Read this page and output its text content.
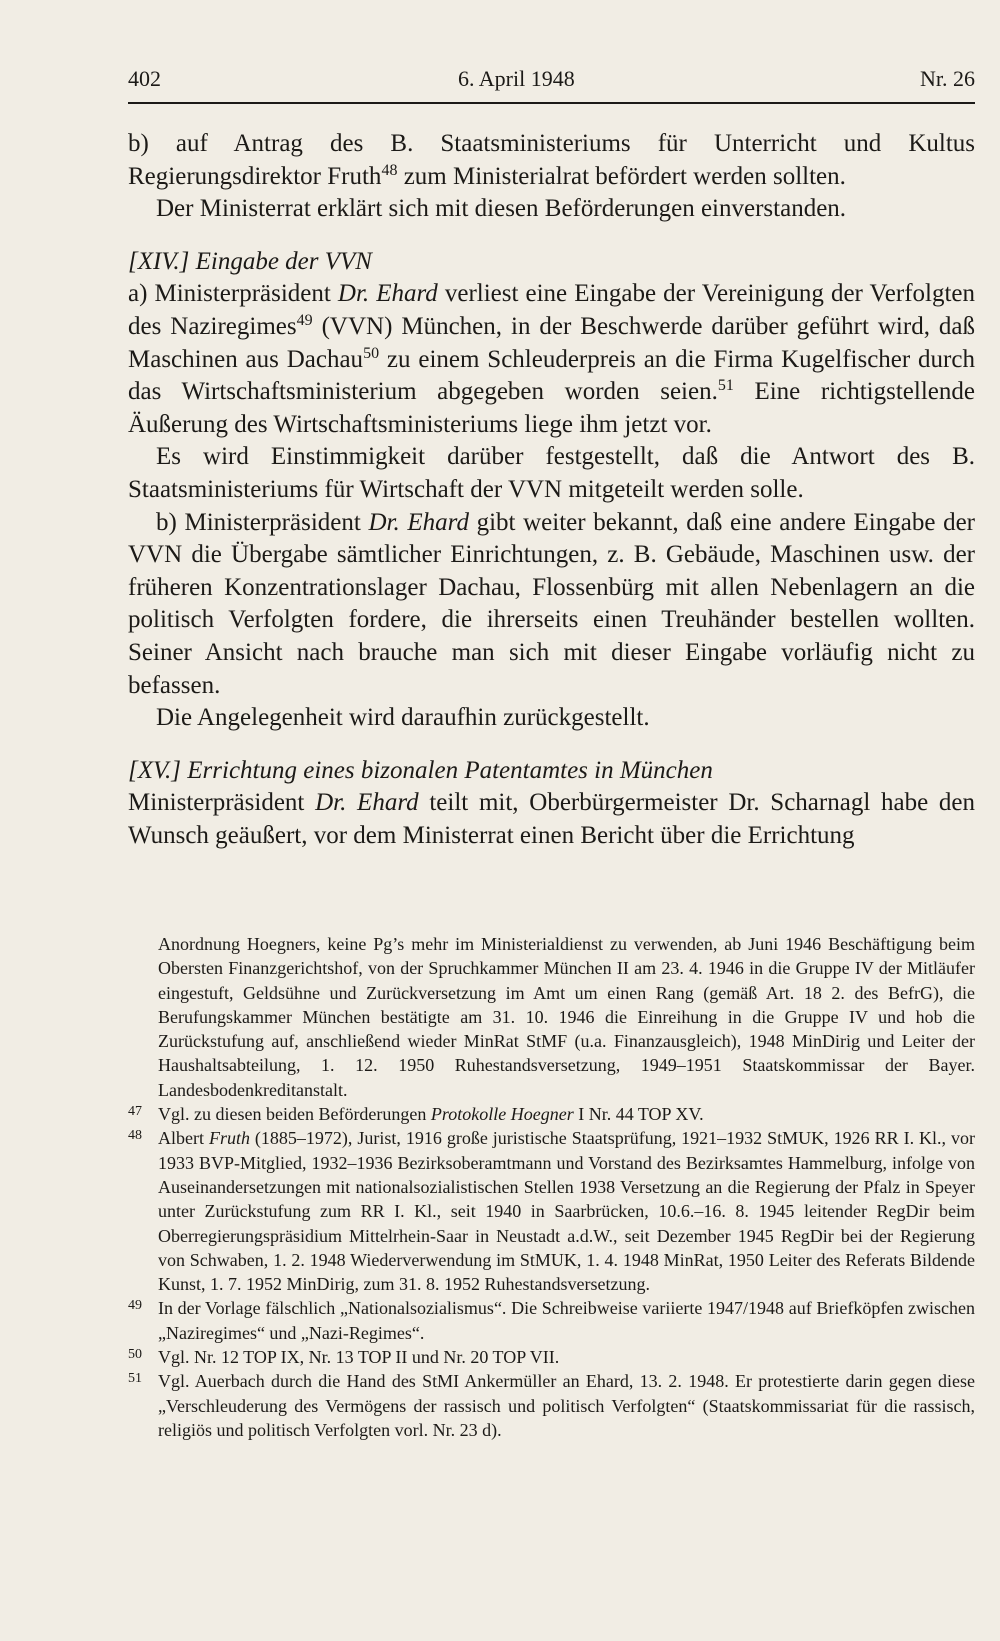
402	6. April 1948	Nr. 26

b) auf Antrag des B. Staatsministeriums für Unterricht und Kultus Regierungsdirektor Fruth$^{48}$ zum Ministerialrat befördert werden sollten.

Der Ministerrat erklärt sich mit diesen Beförderungen einverstanden.

[XIV.] Eingabe der VVN

a) Ministerpräsident Dr. Ehard verliest eine Eingabe der Vereinigung der Verfolgten des Naziregimes$^{49}$ (VVN) München, in der Beschwerde darüber geführt wird, daß Maschinen aus Dachau$^{50}$ zu einem Schleuderpreis an die Firma Kugelfischer durch das Wirtschaftsministerium abgegeben worden seien.$^{51}$ Eine richtigstellende Äußerung des Wirtschaftsministeriums liege ihm jetzt vor.

Es wird Einstimmigkeit darüber festgestellt, daß die Antwort des B. Staatsministeriums für Wirtschaft der VVN mitgeteilt werden solle.

b) Ministerpräsident Dr. Ehard gibt weiter bekannt, daß eine andere Eingabe der VVN die Übergabe sämtlicher Einrichtungen, z. B. Gebäude, Maschinen usw. der früheren Konzentrationslager Dachau, Flossenbürg mit allen Nebenlagern an die politisch Verfolgten fordere, die ihrerseits einen Treuhänder bestellen wollten. Seiner Ansicht nach brauche man sich mit dieser Eingabe vorläufig nicht zu befassen.

Die Angelegenheit wird daraufhin zurückgestellt.

[XV.] Errichtung eines bizonalen Patentamtes in München

Ministerpräsident Dr. Ehard teilt mit, Oberbürgermeister Dr. Scharnagl habe den Wunsch geäußert, vor dem Ministerrat einen Bericht über die Errichtung

Anordnung Hoegners, keine Pg’s mehr im Ministerialdienst zu verwenden, ab Juni 1946 Beschäftigung beim Obersten Finanzgerichtshof, von der Spruchkammer München II am 23. 4. 1946 in die Gruppe IV der Mitläufer eingestuft, Geldsühne und Zurückversetzung im Amt um einen Rang (gemäß Art. 18 2. des BefrG), die Berufungskammer München bestätigte am 31. 10. 1946 die Einreihung in die Gruppe IV und hob die Zurückstufung auf, anschließend wieder MinRat StMF (u.a. Finanzausgleich), 1948 MinDirig und Leiter der Haushaltsabteilung, 1. 12. 1950 Ruhestandsversetzung, 1949–1951 Staatskommissar der Bayer. Landesbodenkreditanstalt.

47 Vgl. zu diesen beiden Beförderungen Protokolle Hoegner I Nr. 44 TOP XV.

48 Albert Fruth (1885–1972), Jurist, 1916 große juristische Staatsprüfung, 1921–1932 StMUK, 1926 RR I. Kl., vor 1933 BVP-Mitglied, 1932–1936 Bezirksoberamtmann und Vorstand des Bezirksamtes Hammelburg, infolge von Auseinandersetzungen mit nationalsozialistischen Stellen 1938 Versetzung an die Regierung der Pfalz in Speyer unter Zurückstufung zum RR I. Kl., seit 1940 in Saarbrücken, 10.6.–16. 8. 1945 leitender RegDir beim Oberregierungspräsidium Mittelrhein-Saar in Neustadt a.d.W., seit Dezember 1945 RegDir bei der Regierung von Schwaben, 1. 2. 1948 Wiederverwendung im StMUK, 1. 4. 1948 MinRat, 1950 Leiter des Referats Bildende Kunst, 1. 7. 1952 MinDirig, zum 31. 8. 1952 Ruhestandsversetzung.

49 In der Vorlage fälschlich „Nationalsozialismus“. Die Schreibweise variierte 1947/1948 auf Briefköpfen zwischen „Naziregimes“ und „Nazi-Regimes“.

50 Vgl. Nr. 12 TOP IX, Nr. 13 TOP II und Nr. 20 TOP VII.

51 Vgl. Auerbach durch die Hand des StMI Ankermüller an Ehard, 13. 2. 1948. Er protestierte darin gegen diese „Verschleuderung des Vermögens der rassisch und politisch Verfolgten“ (Staatskommissariat für die rassisch, religiös und politisch Verfolgten vorl. Nr. 23 d).
